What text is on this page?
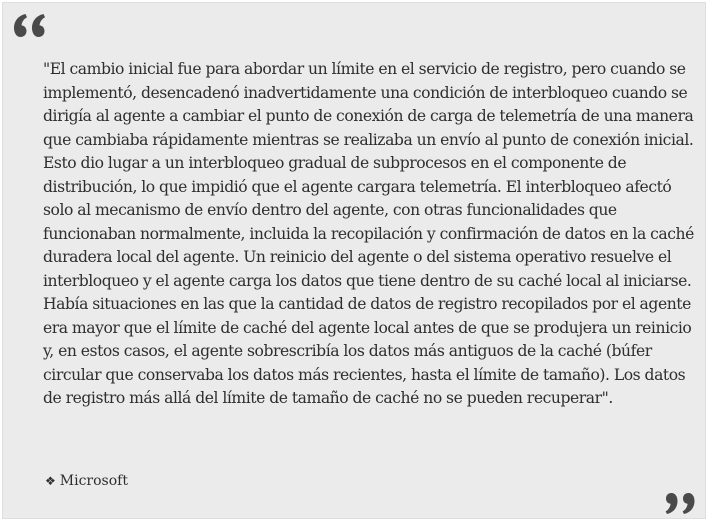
"El cambio inicial fue para abordar un límite en el servicio de registro, pero cuando se implementó, desencadenó inadvertidamente una condición de interbloqueo cuando se dirigía al agente a cambiar el punto de conexión de carga de telemetría de una manera que cambiaba rápidamente mientras se realizaba un envío al punto de conexión inicial. Esto dio lugar a un interbloqueo gradual de subprocesos en el componente de distribución, lo que impidió que el agente cargara telemetría. El interbloqueo afectó solo al mecanismo de envío dentro del agente, con otras funcionalidades que funcionaban normalmente, incluida la recopilación y confirmación de datos en la caché duradera local del agente. Un reinicio del agente o del sistema operativo resuelve el interbloqueo y el agente carga los datos que tiene dentro de su caché local al iniciarse. Había situaciones en las que la cantidad de datos de registro recopilados por el agente era mayor que el límite de caché del agente local antes de que se produjera un reinicio y, en estos casos, el agente sobrescribía los datos más antiguos de la caché (búfer circular que conservaba los datos más recientes, hasta el límite de tamaño). Los datos de registro más allá del límite de tamaño de caché no se pueden recuperar".

❖ Microsoft
